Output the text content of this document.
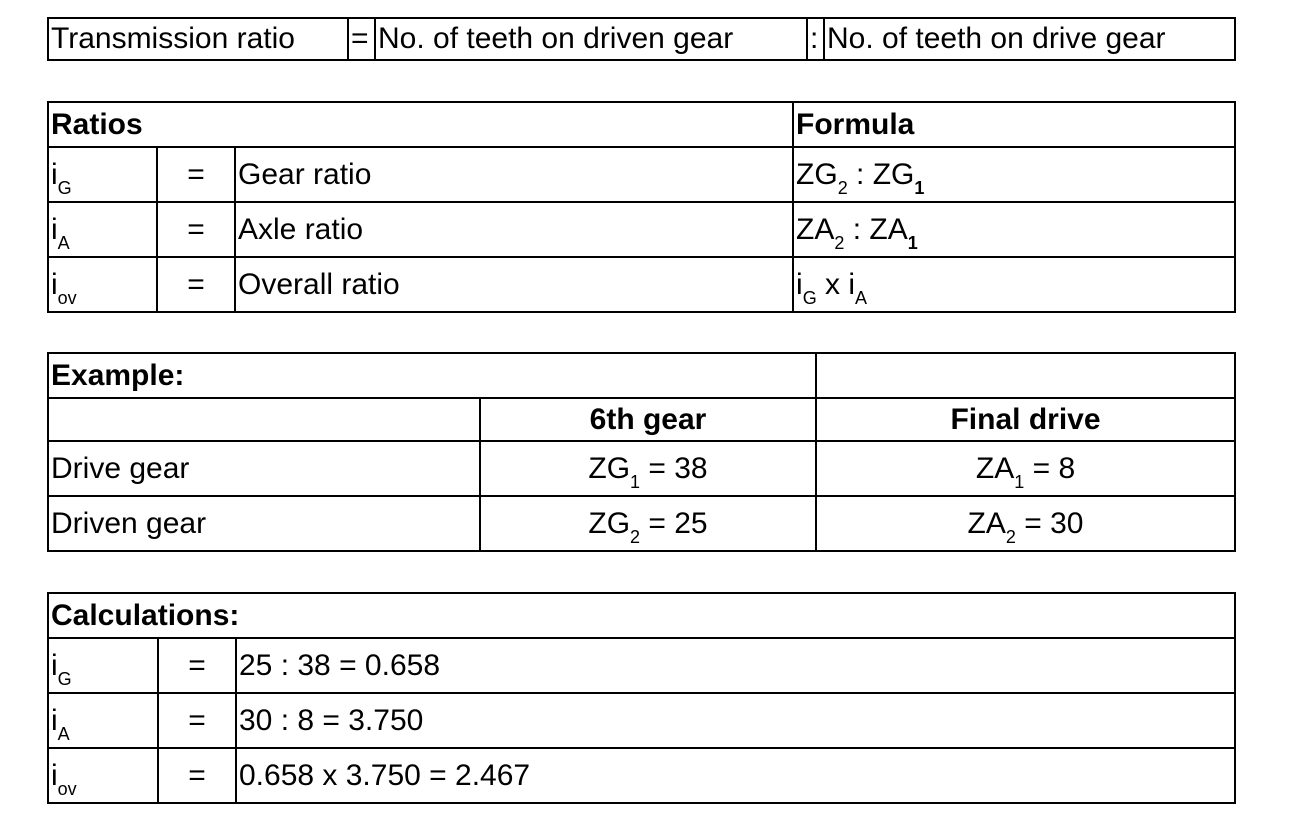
Transmission ratio	=	No. of teeth on driven gear	:	No. of teeth on drive gear
Ratios			Formula
$i_G$	=	Gear ratio	$ZG_2$ : $ZG_1$
$i_A$	=	Axle ratio	$ZA_2$ : $ZA_1$
$i_{ov}$	=	Overall ratio	$i_G$ x $i_A$
Example:		
	6th gear	Final drive
Drive gear	$ZG_1 = 38$	$ZA_1 = 8$
Driven gear	$ZG_2 = 25$	$ZA_2 = 30$
Calculations:		
$i_G$	=	25 : 38 = 0.658
$i_A$	=	30 : 8 = 3.750
$i_{ov}$	=	0.658 x 3.750 = 2.467
